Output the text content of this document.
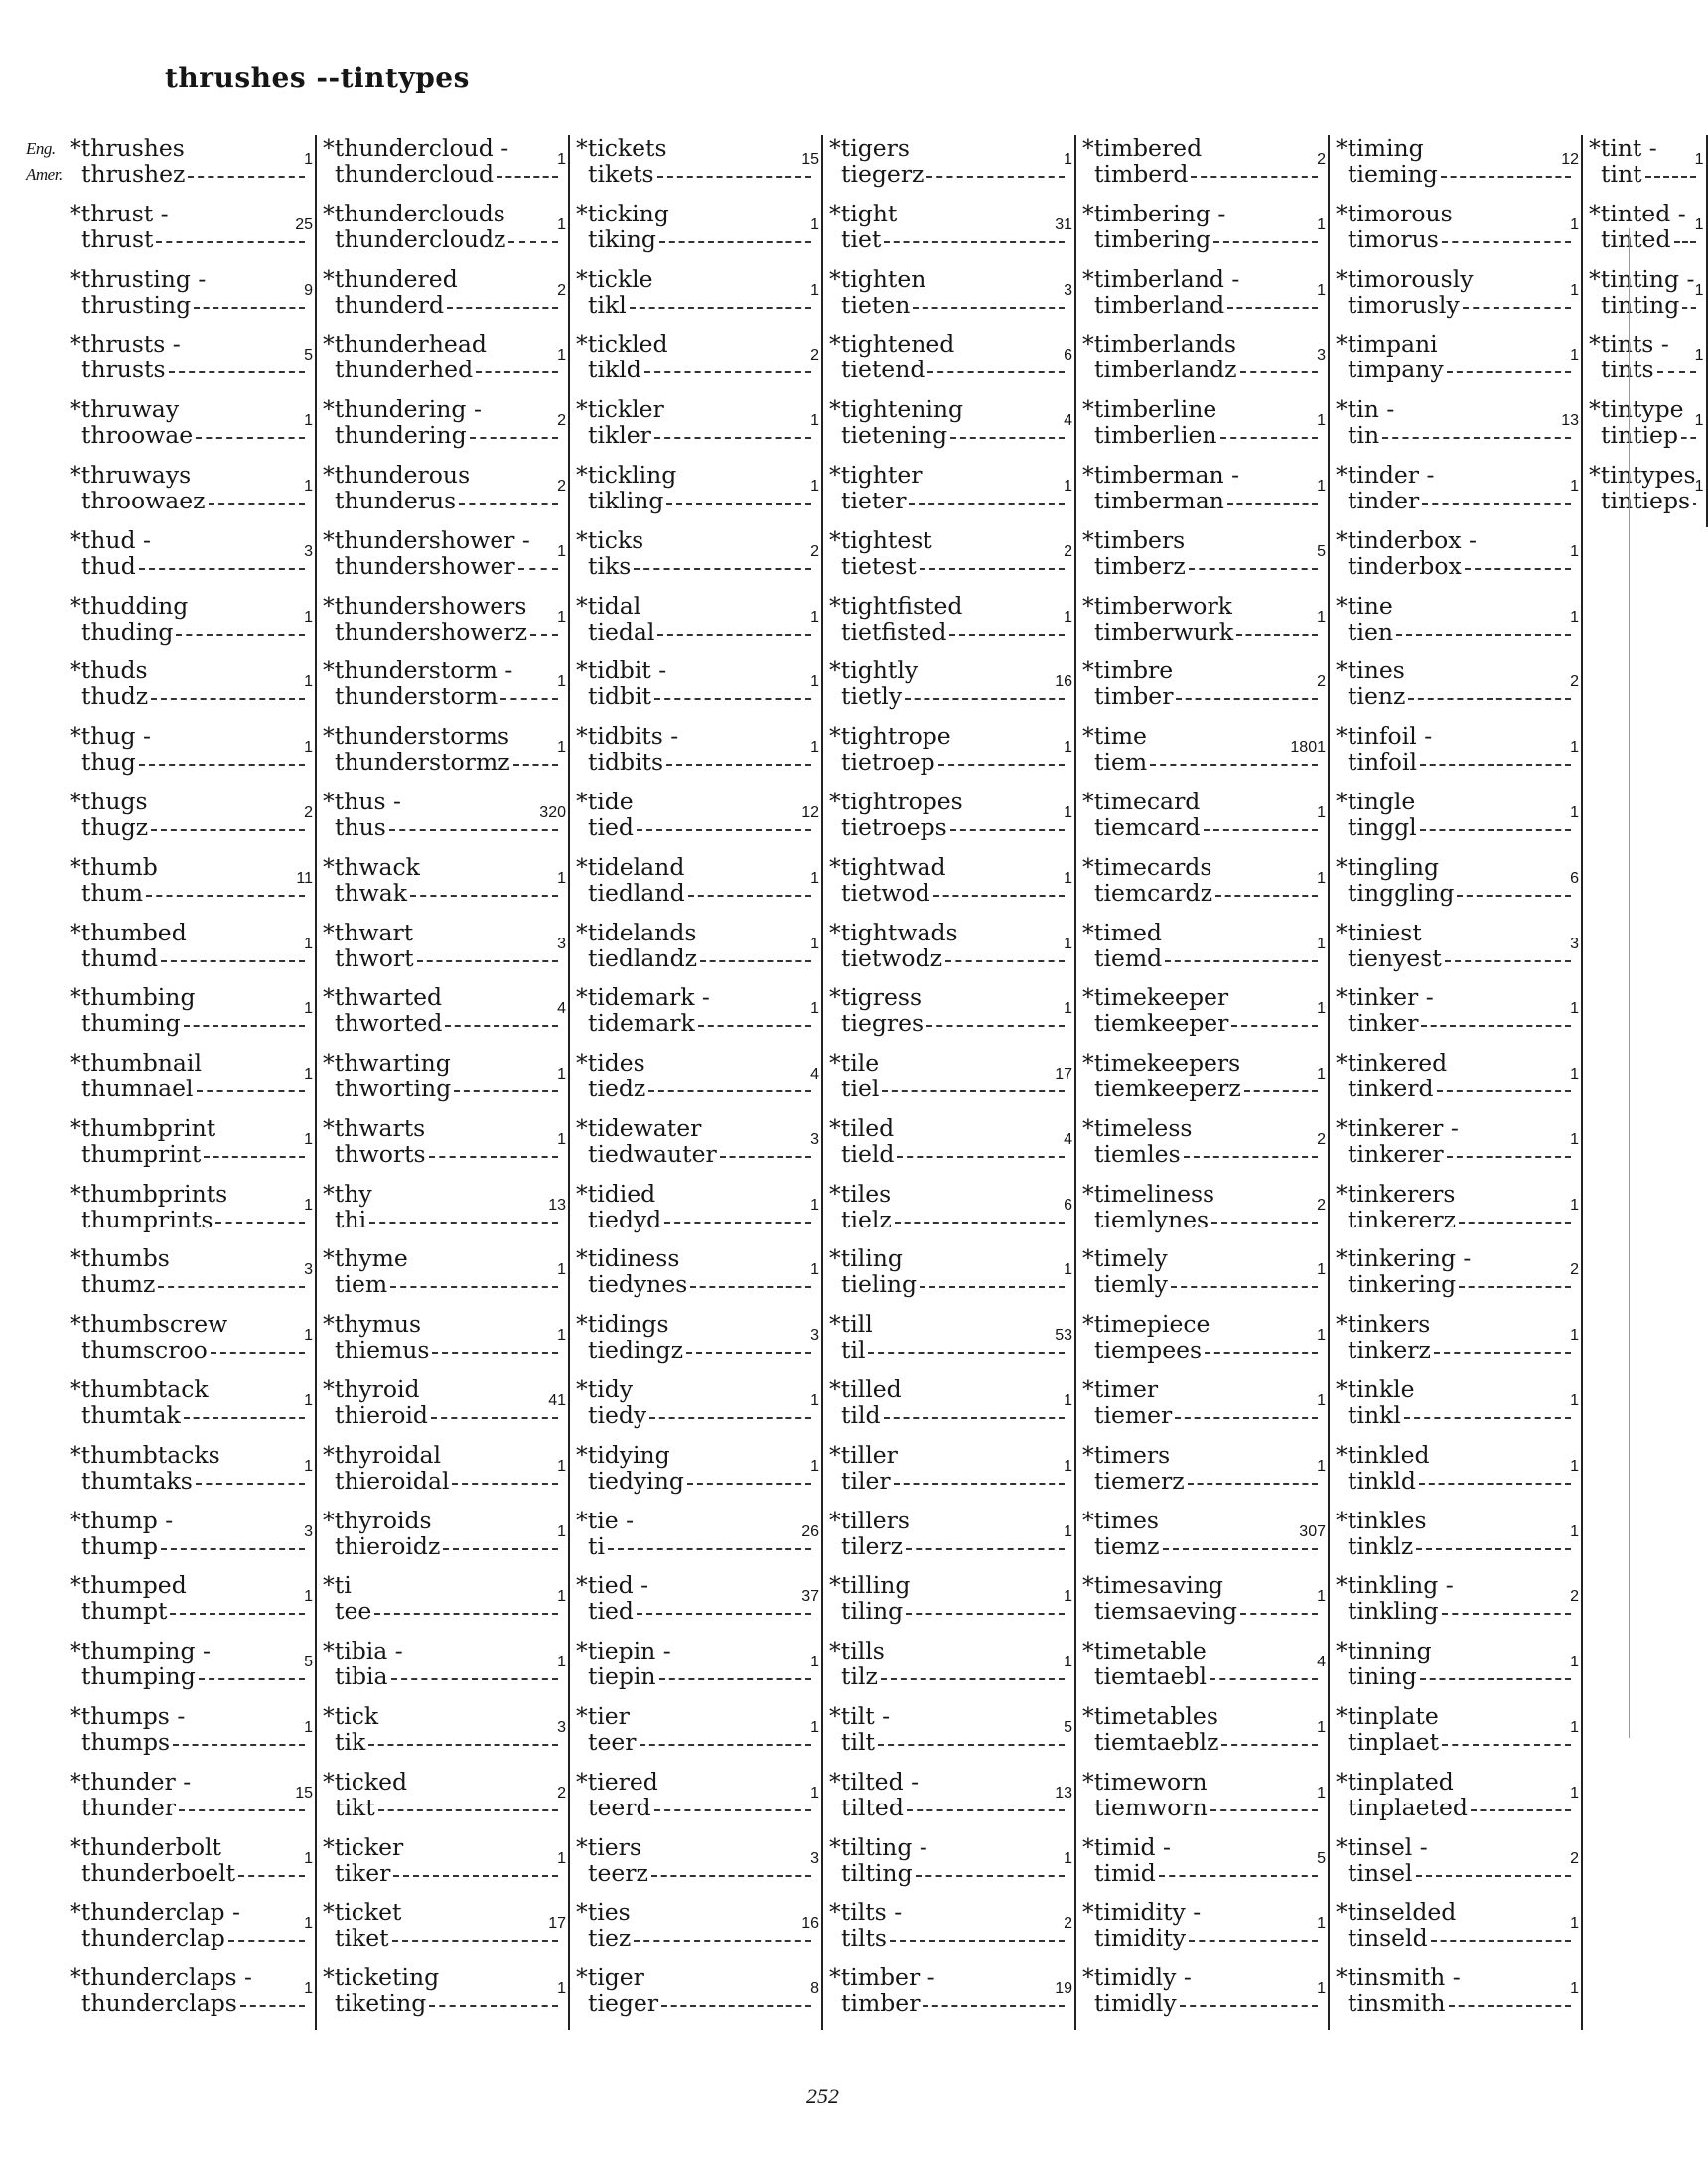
thrushes --tintypes
Eng.
Amer.
*thrushes
thrushez
1
*thrust -
thrust
25
*thrusting -
thrusting
9
*thrusts -
thrusts
5
*thruway
throowae
1
*thruways
throowaez
1
*thud -
thud
3
*thudding
thuding
1
*thuds
thudz
1
*thug -
thug
1
*thugs
thugz
2
*thumb
thum
11
*thumbed
thumd
1
*thumbing
thuming
1
*thumbnail
thumnael
1
*thumbprint
thumprint
1
*thumbprints
thumprints
1
*thumbs
thumz
3
*thumbscrew
thumscroo
1
*thumbtack
thumtak
1
*thumbtacks
thumtaks
1
*thump -
thump
3
*thumped
thumpt
1
*thumping -
thumping
5
*thumps -
thumps
1
*thunder -
thunder
15
*thunderbolt
thunderboelt
1
*thunderclap -
thunderclap
1
*thunderclaps -
thunderclaps
1
*thundercloud -
thundercloud
1
*thunderclouds
thundercloudz
1
*thundered
thunderd
2
*thunderhead
thunderhed
1
*thundering -
thundering
2
*thunderous
thunderus
2
*thundershower -
thundershower
1
*thundershowers
thundershowerz
1
*thunderstorm -
thunderstorm
1
*thunderstorms
thunderstormz
1
*thus -
thus
320
*thwack
thwak
1
*thwart
thwort
3
*thwarted
thworted
4
*thwarting
thworting
1
*thwarts
thworts
1
*thy
thi
13
*thyme
tiem
1
*thymus
thiemus
1
*thyroid
thieroid
41
*thyroidal
thieroidal
1
*thyroids
thieroidz
1
*ti
tee
1
*tibia -
tibia
1
*tick
tik
3
*ticked
tikt
2
*ticker
tiker
1
*ticket
tiket
17
*ticketing
tiketing
1
*tickets
tikets
15
*ticking
tiking
1
*tickle
tikl
1
*tickled
tikld
2
*tickler
tikler
1
*tickling
tikling
1
*ticks
tiks
2
*tidal
tiedal
1
*tidbit -
tidbit
1
*tidbits -
tidbits
1
*tide
tied
12
*tideland
tiedland
1
*tidelands
tiedlandz
1
*tidemark -
tidemark
1
*tides
tiedz
4
*tidewater
tiedwauter
3
*tidied
tiedyd
1
*tidiness
tiedynes
1
*tidings
tiedingz
3
*tidy
tiedy
1
*tidying
tiedying
1
*tie -
ti
26
*tied -
tied
37
*tiepin -
tiepin
1
*tier
teer
1
*tiered
teerd
1
*tiers
teerz
3
*ties
tiez
16
*tiger
tieger
8
*tigers
tiegerz
1
*tight
tiet
31
*tighten
tieten
3
*tightened
tietend
6
*tightening
tietening
4
*tighter
tieter
1
*tightest
tietest
2
*tightfisted
tietfisted
1
*tightly
tietly
16
*tightrope
tietroep
1
*tightropes
tietroeps
1
*tightwad
tietwod
1
*tightwads
tietwodz
1
*tigress
tiegres
1
*tile
tiel
17
*tiled
tield
4
*tiles
tielz
6
*tiling
tieling
1
*till
til
53
*tilled
tild
1
*tiller
tiler
1
*tillers
tilerz
1
*tilling
tiling
1
*tills
tilz
1
*tilt -
tilt
5
*tilted -
tilted
13
*tilting -
tilting
1
*tilts -
tilts
2
*timber -
timber
19
*timbered
timberd
2
*timbering -
timbering
1
*timberland -
timberland
1
*timberlands
timberlandz
3
*timberline
timberlien
1
*timberman -
timberman
1
*timbers
timberz
5
*timberwork
timberwurk
1
*timbre
timber
2
*time
tiem
1801
*timecard
tiemcard
1
*timecards
tiemcardz
1
*timed
tiemd
1
*timekeeper
tiemkeeper
1
*timekeepers
tiemkeeperz
1
*timeless
tiemles
2
*timeliness
tiemlynes
2
*timely
tiemly
1
*timepiece
tiempees
1
*timer
tiemer
1
*timers
tiemerz
1
*times
tiemz
307
*timesaving
tiemsaeving
1
*timetable
tiemtaebl
4
*timetables
tiemtaeblz
1
*timeworn
tiemworn
1
*timid -
timid
5
*timidity -
timidity
1
*timidly -
timidly
1
*timing
tieming
12
*timorous
timorus
1
*timorously
timorusly
1
*timpani
timpany
1
*tin -
tin
13
*tinder -
tinder
1
*tinderbox -
tinderbox
1
*tine
tien
1
*tines
tienz
2
*tinfoil -
tinfoil
1
*tingle
tinggl
1
*tingling
tinggling
6
*tiniest
tienyest
3
*tinker -
tinker
1
*tinkered
tinkerd
1
*tinkerer -
tinkerer
1
*tinkerers
tinkererz
1
*tinkering -
tinkering
2
*tinkers
tinkerz
1
*tinkle
tinkl
1
*tinkled
tinkld
1
*tinkles
tinklz
1
*tinkling -
tinkling
2
*tinning
tining
1
*tinplate
tinplaet
1
*tinplated
tinplaeted
1
*tinsel -
tinsel
2
*tinselded
tinseld
1
*tinsmith -
tinsmith
1
*tint -
tint
1
*tinted -
tinted
1
*tinting -
tinting
1
*tints -
tints
1
*tintype
tintiep
1
*tintypes
tintieps
1
252
